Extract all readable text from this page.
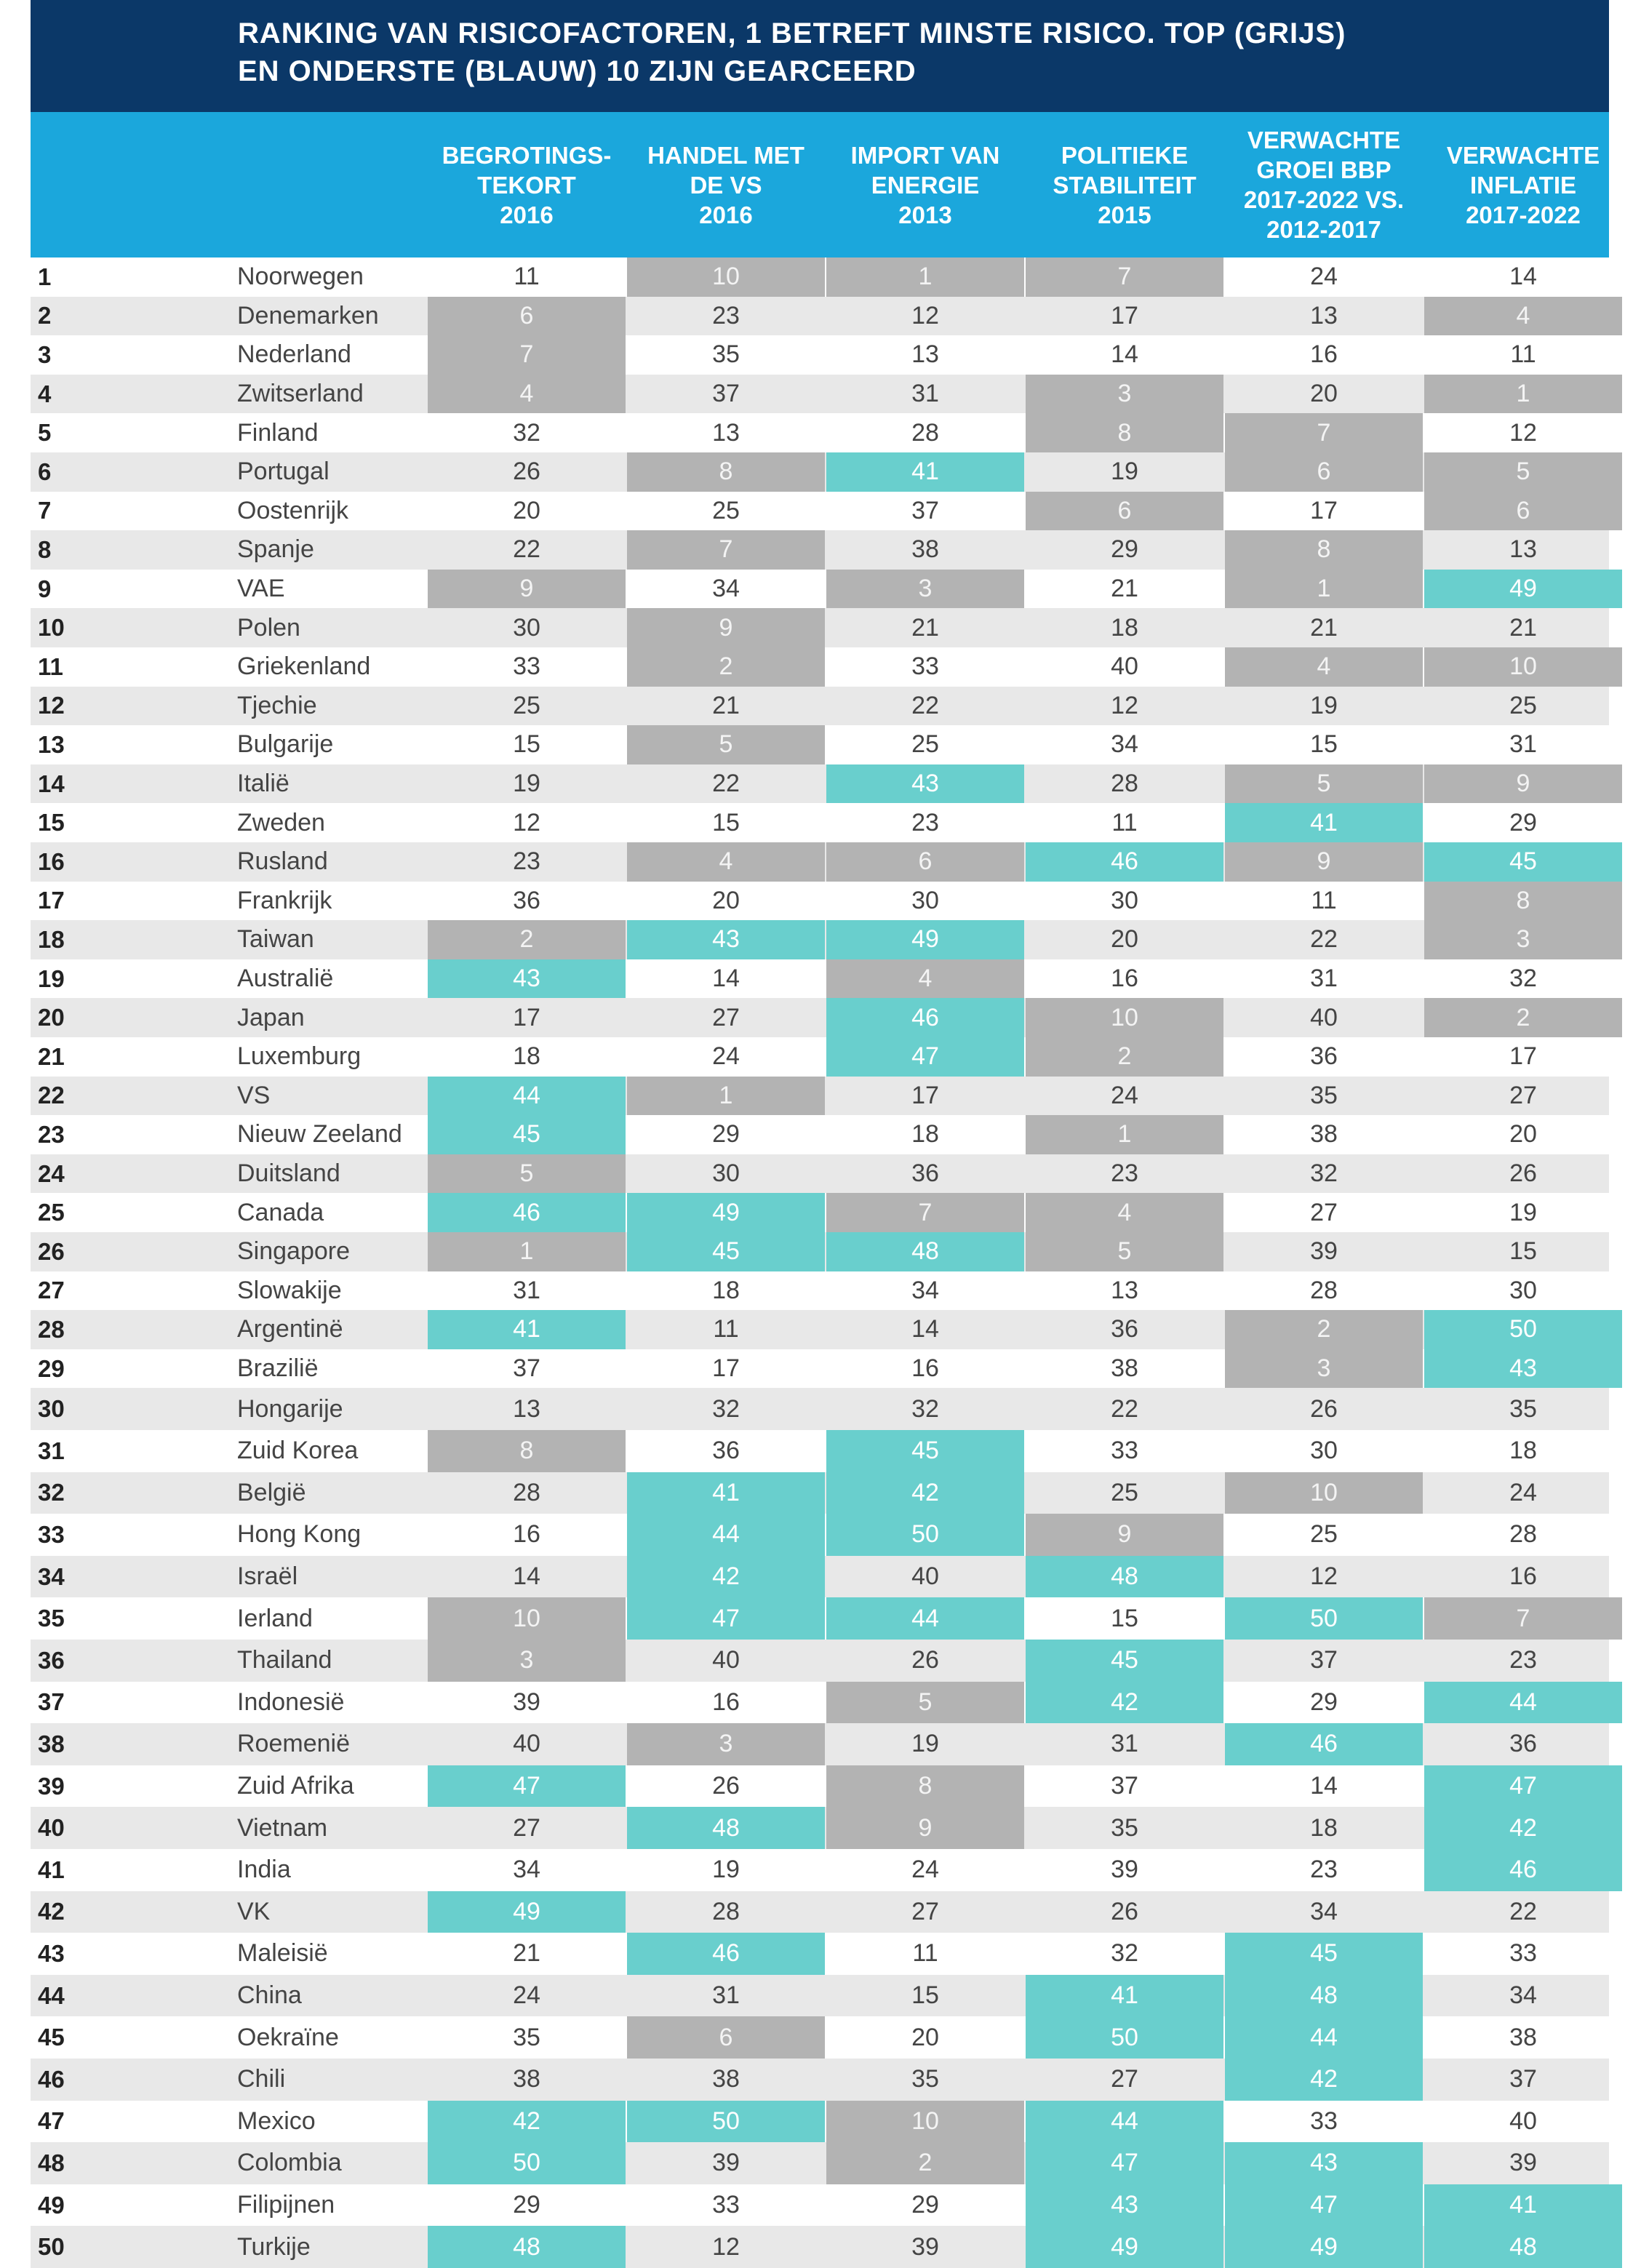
RANKING VAN RISICOFACTOREN, 1 BETREFT MINSTE RISICO. TOP (GRIJS)
EN ONDERSTE (BLAUW) 10 ZIJN GEARCEERD
BEGROTINGS-
TEKORT
2016
HANDEL MET
DE VS
2016
IMPORT VAN
ENERGIE
2013
POLITIEKE
STABILITEIT
2015
VERWACHTE
GROEI BBP
2017-2022 VS.
2012-2017
VERWACHTE
INFLATIE
2017-2022
1	Noorwegen	11	10	1	7	24	14
2	Denemarken	6	23	12	17	13	4
3	Nederland	7	35	13	14	16	11
4	Zwitserland	4	37	31	3	20	1
5	Finland	32	13	28	8	7	12
6	Portugal	26	8	41	19	6	5
7	Oostenrijk	20	25	37	6	17	6
8	Spanje	22	7	38	29	8	13
9	VAE	9	34	3	21	1	49
10	Polen	30	9	21	18	21	21
11	Griekenland	33	2	33	40	4	10
12	Tjechie	25	21	22	12	19	25
13	Bulgarije	15	5	25	34	15	31
14	Italië	19	22	43	28	5	9
15	Zweden	12	15	23	11	41	29
16	Rusland	23	4	6	46	9	45
17	Frankrijk	36	20	30	30	11	8
18	Taiwan	2	43	49	20	22	3
19	Australië	43	14	4	16	31	32
20	Japan	17	27	46	10	40	2
21	Luxemburg	18	24	47	2	36	17
22	VS	44	1	17	24	35	27
23	Nieuw Zeeland	45	29	18	1	38	20
24	Duitsland	5	30	36	23	32	26
25	Canada	46	49	7	4	27	19
26	Singapore	1	45	48	5	39	15
27	Slowakije	31	18	34	13	28	30
28	Argentinë	41	11	14	36	2	50
29	Brazilië	37	17	16	38	3	43
30	Hongarije	13	32	32	22	26	35
31	Zuid Korea	8	36	45	33	30	18
32	België	28	41	42	25	10	24
33	Hong Kong	16	44	50	9	25	28
34	Israël	14	42	40	48	12	16
35	Ierland	10	47	44	15	50	7
36	Thailand	3	40	26	45	37	23
37	Indonesië	39	16	5	42	29	44
38	Roemenië	40	3	19	31	46	36
39	Zuid Afrika	47	26	8	37	14	47
40	Vietnam	27	48	9	35	18	42
41	India	34	19	24	39	23	46
42	VK	49	28	27	26	34	22
43	Maleisië	21	46	11	32	45	33
44	China	24	31	15	41	48	34
45	Oekraïne	35	6	20	50	44	38
46	Chili	38	38	35	27	42	37
47	Mexico	42	50	10	44	33	40
48	Colombia	50	39	2	47	43	39
49	Filipijnen	29	33	29	43	47	41
50	Turkije	48	12	39	49	49	48
